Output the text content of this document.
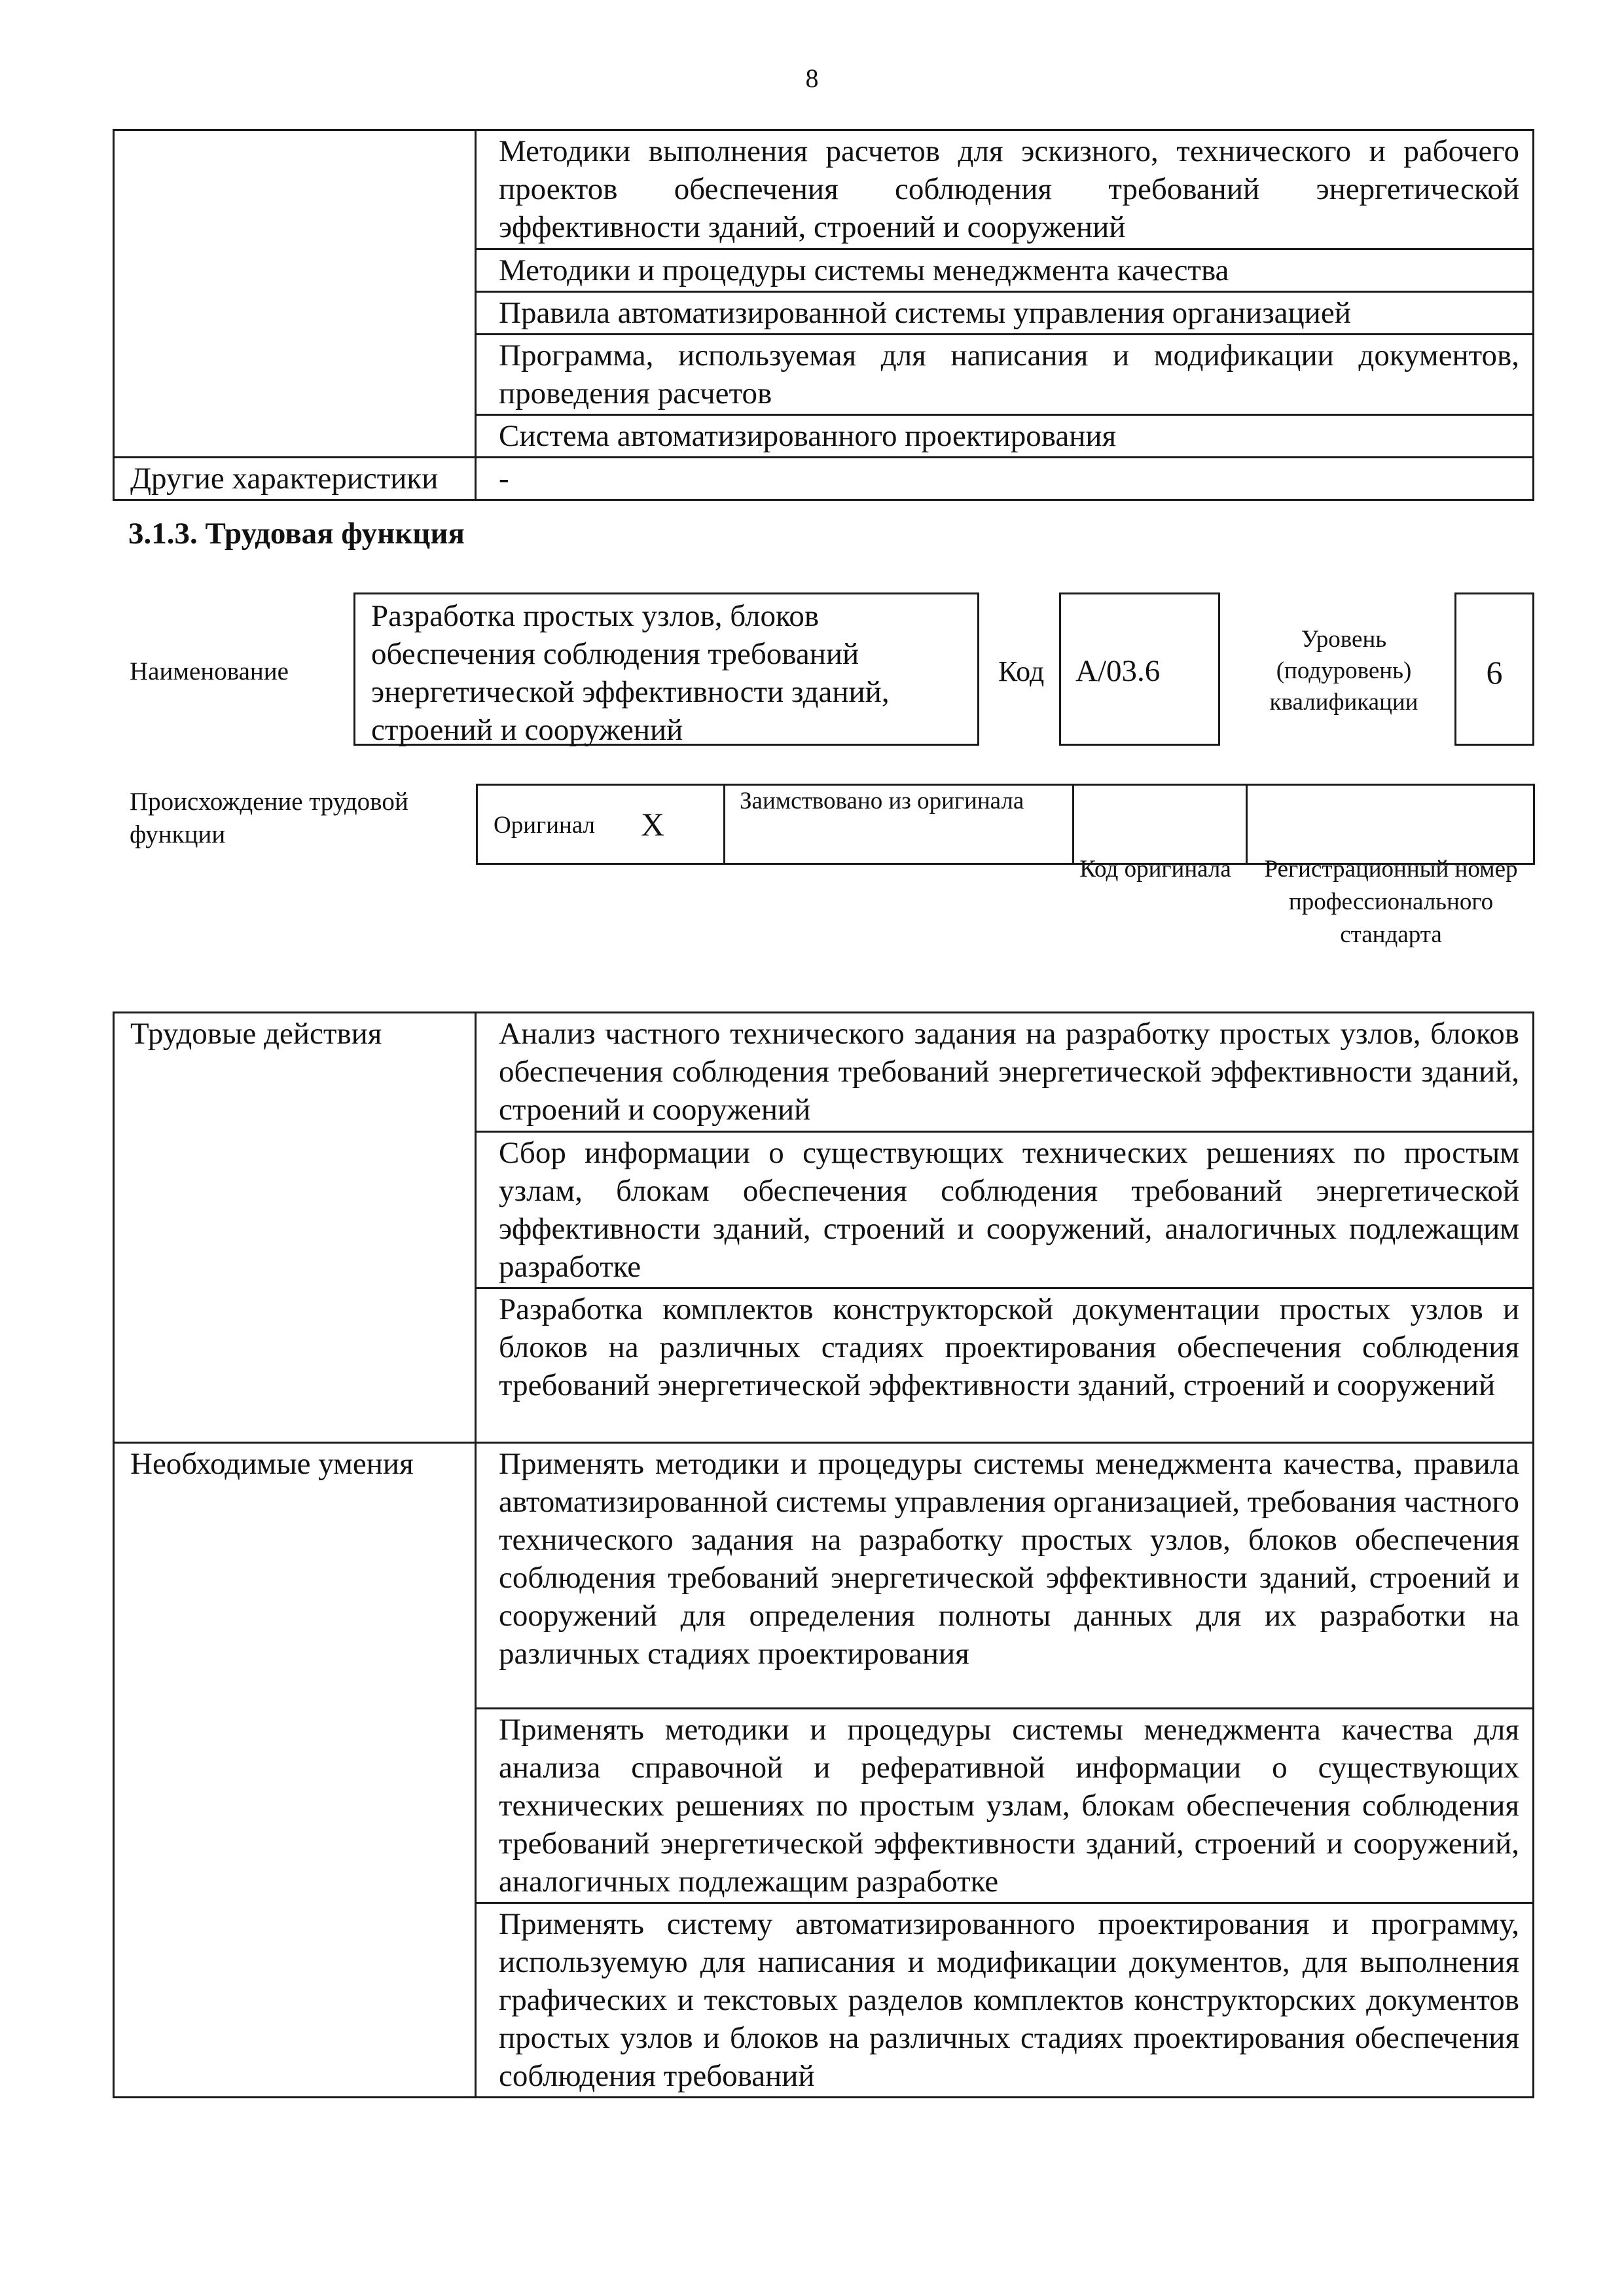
8
	Методики выполнения расчетов для эскизного, технического и рабочего проектов обеспечения соблюдения требований энергетической эффективности зданий, строений и сооружений
	Методики и процедуры системы менеджмента качества
	Правила автоматизированной системы управления организацией
	Программа, используемая для написания и модификации документов, проведения расчетов
	Система автоматизированного проектирования
Другие характеристики	-
3.1.3. Трудовая функция
Наименование
Разработка простых узлов, блоков обеспечения соблюдения требований энергетической эффективности зданий, строений и сооружений
Код	A/03.6
Уровень (подуровень) квалификации
6
Происхождение трудовой функции	Оригинал X	Заимствовано из оригинала		
Код оригинала	Регистрационный номер профессионального стандарта
Трудовые действия	Анализ частного технического задания на разработку простых узлов, блоков обеспечения соблюдения требований энергетической эффективности зданий, строений и сооружений
	Сбор информации о существующих технических решениях по простым узлам, блокам обеспечения соблюдения требований энергетической эффективности зданий, строений и сооружений, аналогичных подлежащим разработке
	Разработка комплектов конструкторской документации простых узлов и блоков на различных стадиях проектирования обеспечения соблюдения требований энергетической эффективности зданий, строений и сооружений
Необходимые умения	Применять методики и процедуры системы менеджмента качества, правила автоматизированной системы управления организацией, требования частного технического задания на разработку простых узлов, блоков обеспечения соблюдения требований энергетической эффективности зданий, строений и сооружений для определения полноты данных для их разработки на различных стадиях проектирования
	Применять методики и процедуры системы менеджмента качества для анализа справочной и реферативной информации о существующих технических решениях по простым узлам, блокам обеспечения соблюдения требований энергетической эффективности зданий, строений и сооружений, аналогичных подлежащим разработке
	Применять систему автоматизированного проектирования и программу, используемую для написания и модификации документов, для выполнения графических и текстовых разделов комплектов конструкторских документов простых узлов и блоков на различных стадиях проектирования обеспечения соблюдения требований
